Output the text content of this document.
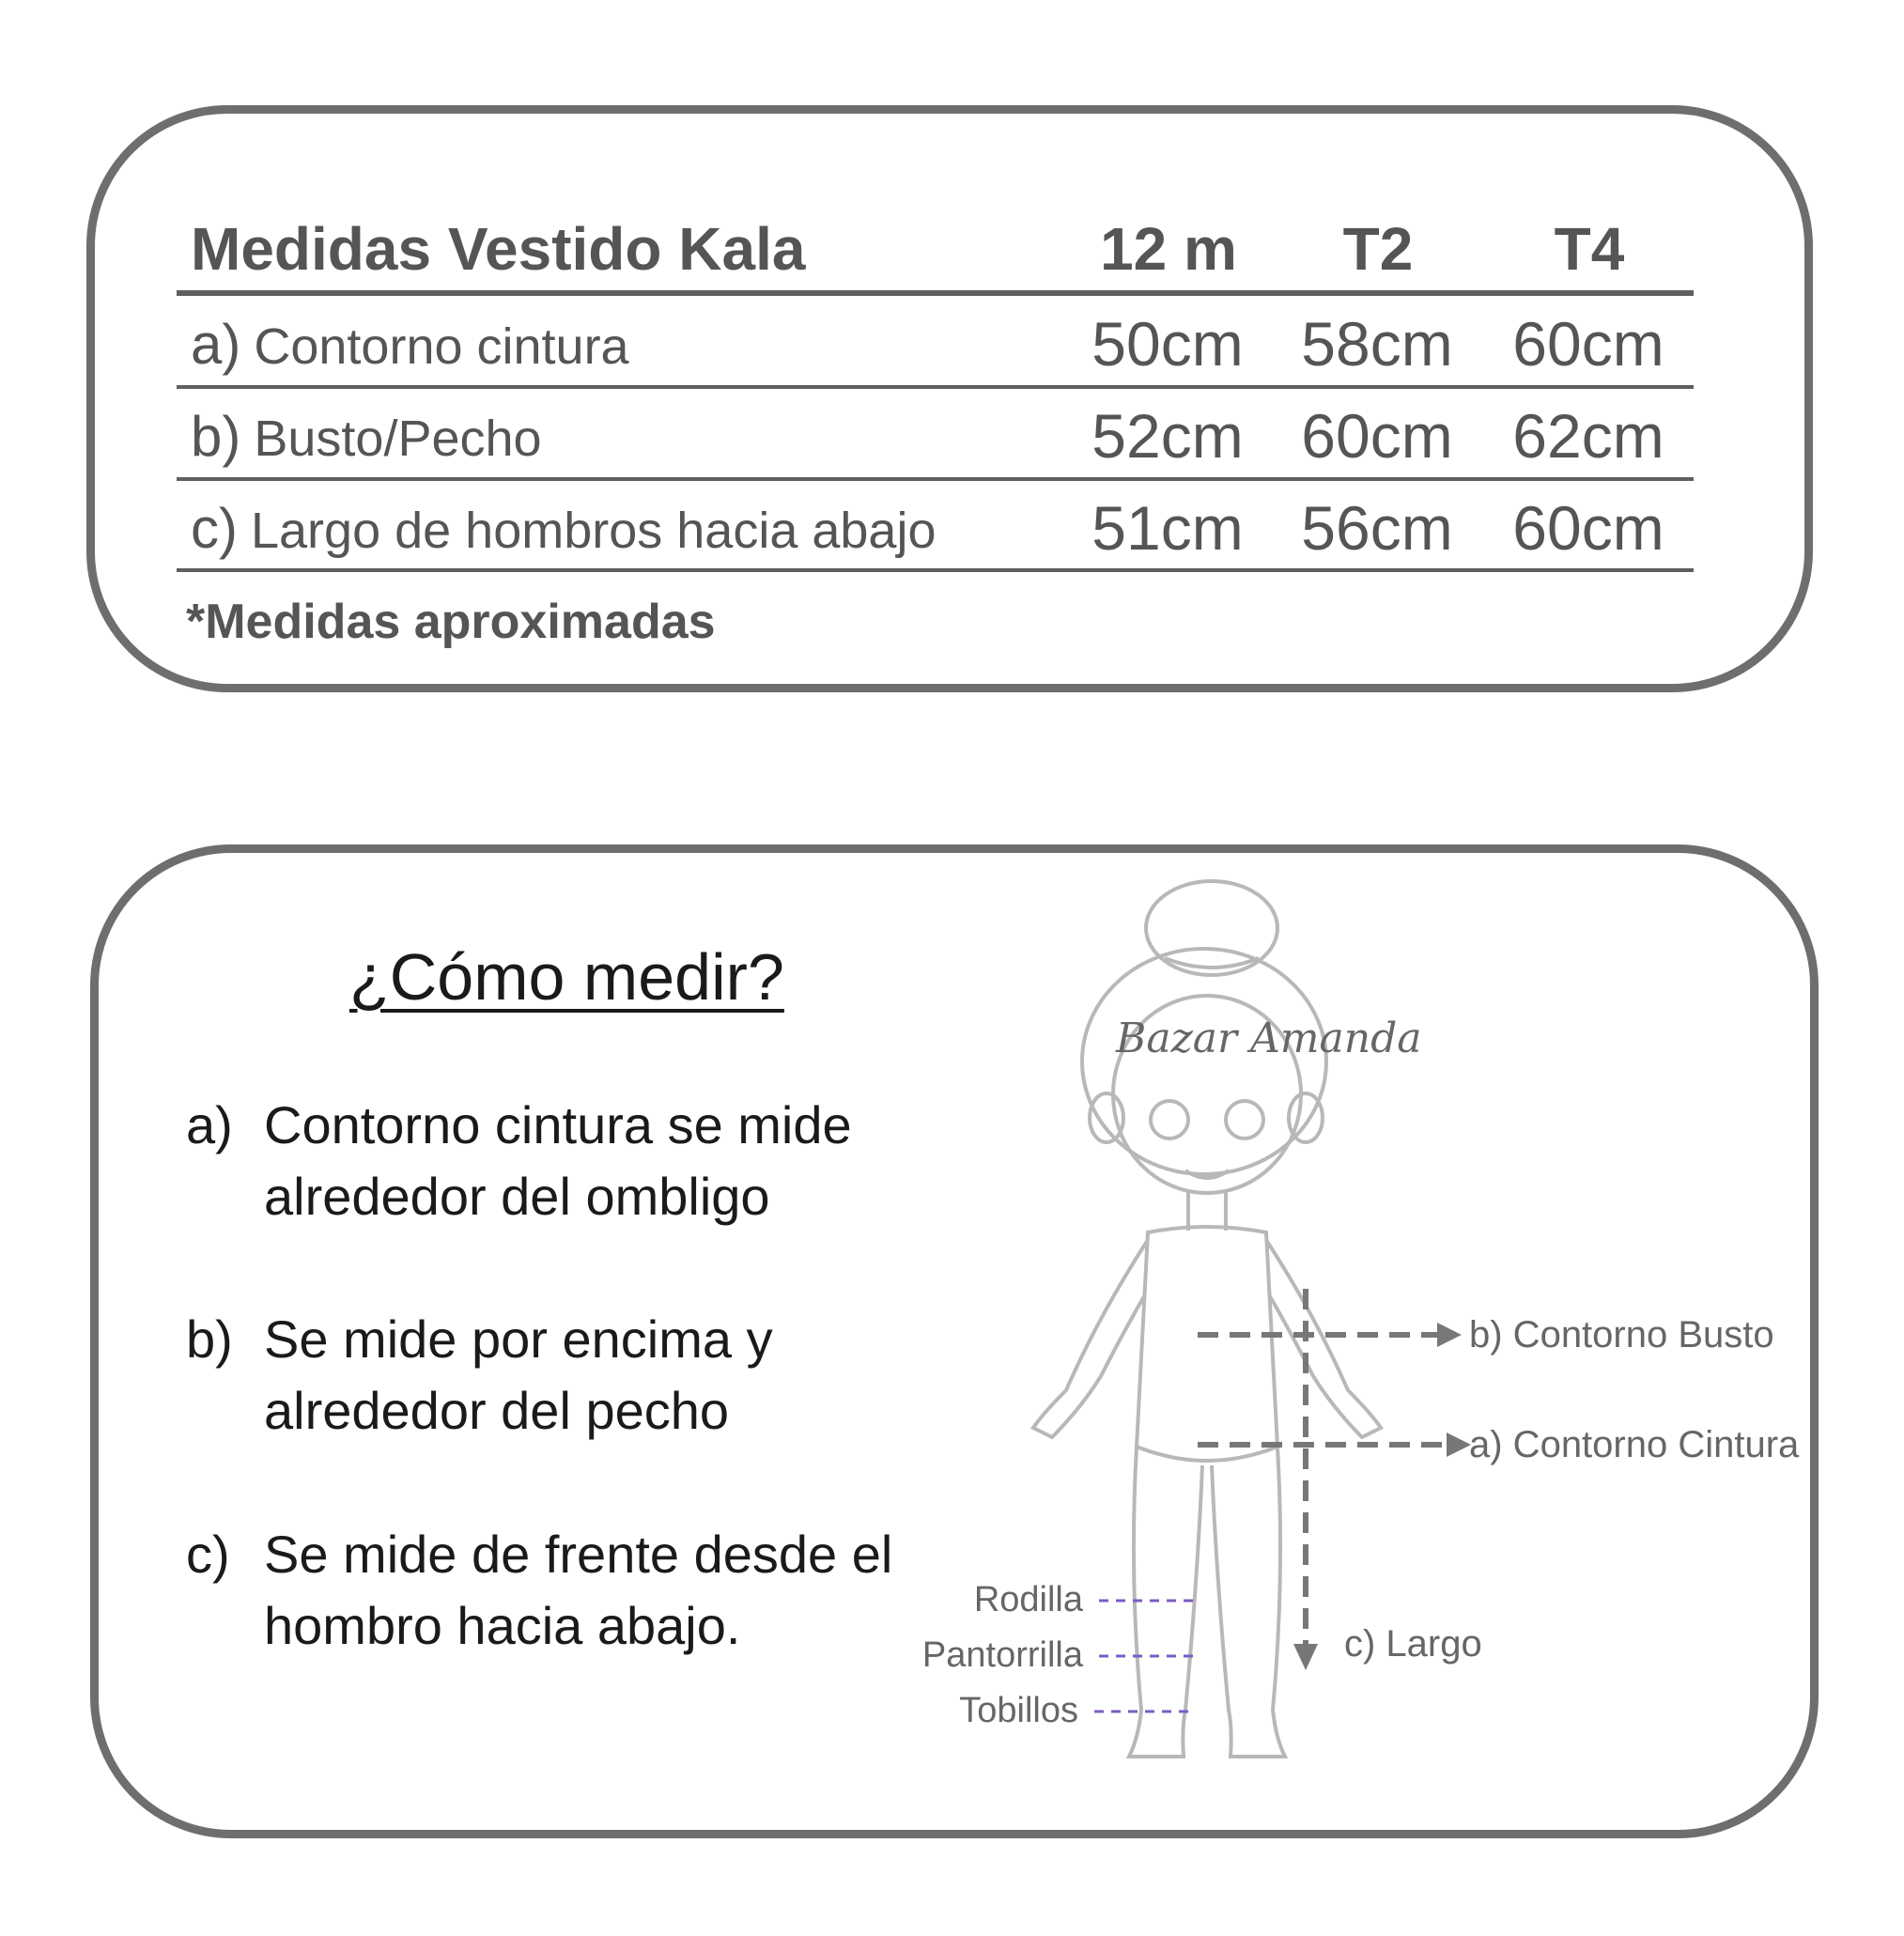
Medidas Vestido Kala	12 m	T2	T4
a) Contorno cintura	50cm 58cm 60cm
b) Busto/Pecho	52cm 60cm 62cm
c) Largo de hombros hacia abajo	51cm 56cm 60cm
*Medidas aproximadas
¿Cómo medir?
a) Contorno cintura se mide alrededor del ombligo
b) Se mide por encima y alrededor del pecho
c) Se mide de frente desde el hombro hacia abajo.
Bazar Amanda
b) Contorno Busto
a) Contorno Cintura
c) Largo
Rodilla
Pantorrilla
Tobillos
